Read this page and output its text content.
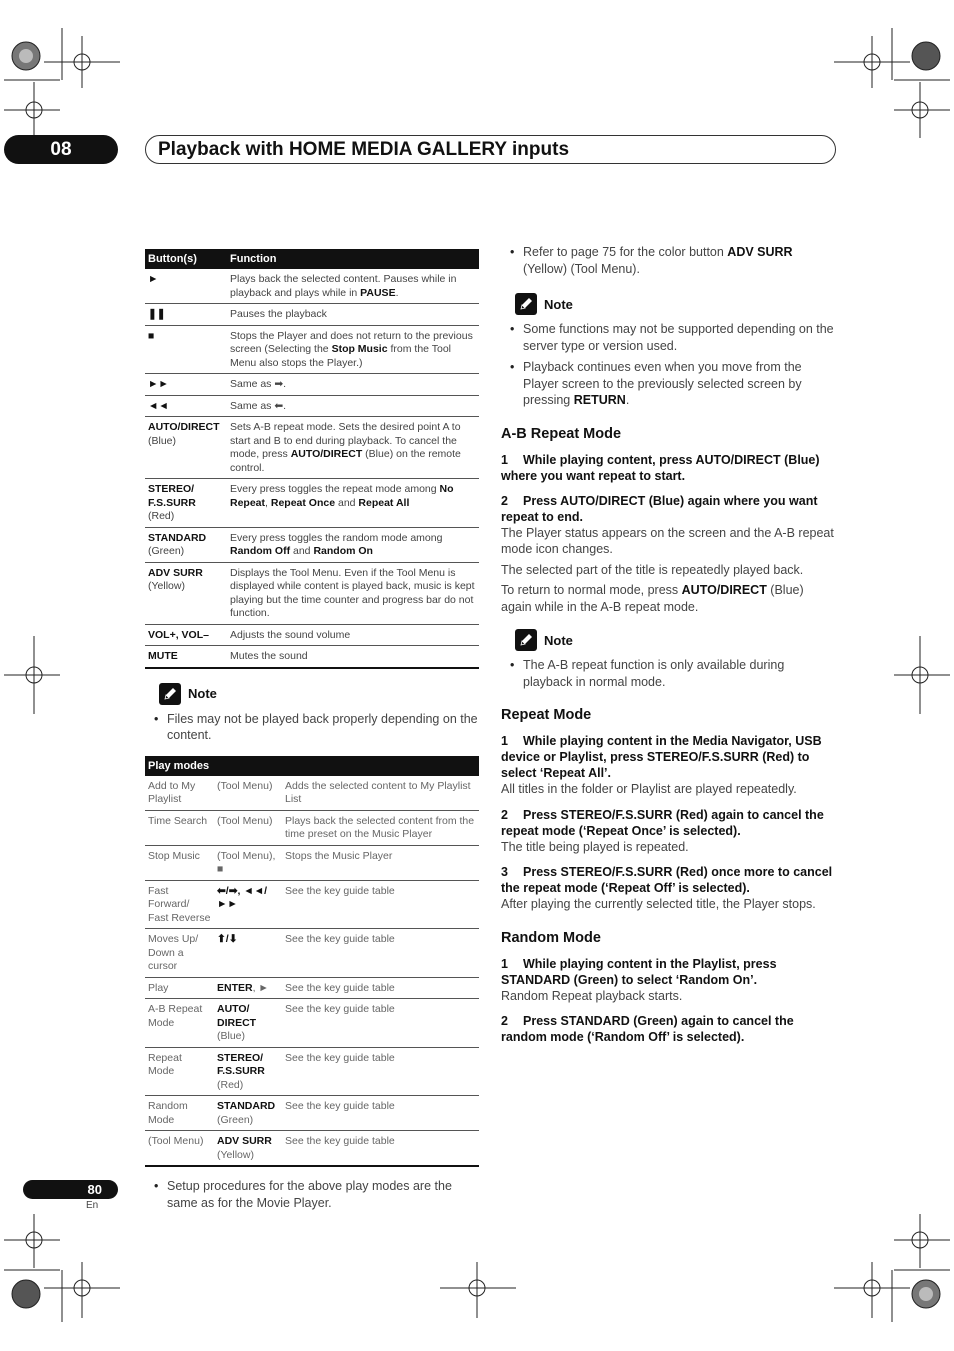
08	Playback with HOME MEDIA GALLERY inputs
Button(s)	Function
►	Plays back the selected content. Pauses while in playback and plays while in PAUSE.
❚❚	Pauses the playback
■	Stops the Player and does not return to the previous screen (Selecting the Stop Music from the Tool Menu also stops the Player.)
►►	Same as ➡.
◄◄	Same as ⬅.
AUTO/DIRECT (Blue)	Sets A-B repeat mode. Sets the desired point A to start and B to end during playback. To cancel the mode, press AUTO/DIRECT (Blue) on the remote control.
STEREO/ F.S.SURR (Red)	Every press toggles the repeat mode among No Repeat, Repeat Once and Repeat All
STANDARD (Green)	Every press toggles the random mode among Random Off and Random On
ADV SURR (Yellow)	Displays the Tool Menu. Even if the Tool Menu is displayed while content is played back, music is kept playing but the time counter and progress bar do not function.
VOL+, VOL–	Adjusts the sound volume
MUTE	Mutes the sound
Note
• Files may not be played back properly depending on the content.
Play modes		
Add to My Playlist	(Tool Menu)	Adds the selected content to My Playlist List
Time Search	(Tool Menu)	Plays back the selected content from the time preset on the Music Player
Stop Music	(Tool Menu), ■	Stops the Music Player
Fast Forward/ Fast Reverse	⬅/➡, ◄◄/►►	See the key guide table
Moves Up/ Down a cursor	⬆/⬇	See the key guide table
Play	ENTER, ►	See the key guide table
A-B Repeat Mode	AUTO/ DIRECT (Blue)	See the key guide table
Repeat Mode	STEREO/ F.S.SURR (Red)	See the key guide table
Random Mode	STANDARD (Green)	See the key guide table
(Tool Menu)	ADV SURR (Yellow)	See the key guide table
• Setup procedures for the above play modes are the same as for the Movie Player.
• Refer to page 75 for the color button ADV SURR (Yellow) (Tool Menu).
Note
• Some functions may not be supported depending on the server type or version used.
• Playback continues even when you move from the Player screen to the previously selected screen by pressing RETURN.
A-B Repeat Mode
1 While playing content, press AUTO/DIRECT (Blue) where you want repeat to start.
2 Press AUTO/DIRECT (Blue) again where you want repeat to end.

The Player status appears on the screen and the A-B repeat mode icon changes.

The selected part of the title is repeatedly played back.

To return to normal mode, press AUTO/DIRECT (Blue) again while in the A-B repeat mode.

Note
• The A-B repeat function is only available during playback in normal mode.
Repeat Mode
1 While playing content in the Media Navigator, USB device or Playlist, press STEREO/F.S.SURR (Red) to select ‘Repeat All’.

All titles in the folder or Playlist are played repeatedly.

2 Press STEREO/F.S.SURR (Red) again to cancel the repeat mode (‘Repeat Once’ is selected).

The title being played is repeated.

3 Press STEREO/F.S.SURR (Red) once more to cancel the repeat mode (‘Repeat Off’ is selected).

After playing the currently selected title, the Player stops.

Random Mode
1 While playing content in the Playlist, press STANDARD (Green) to select ‘Random On’.

Random Repeat playback starts.

2 Press STANDARD (Green) again to cancel the random mode (‘Random Off’ is selected).
80
En
